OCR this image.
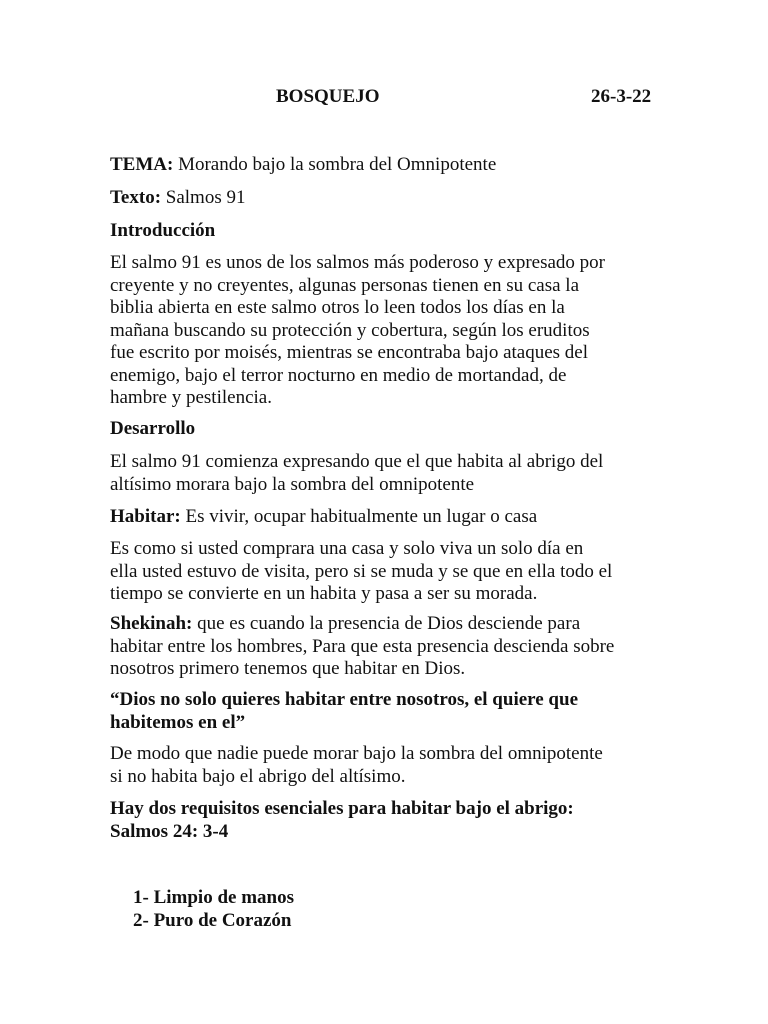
BOSQUEJO	26-3-22
TEMA: Morando bajo la sombra del Omnipotente
Texto: Salmos 91
Introducción
El salmo 91 es unos de los salmos más poderoso y expresado por
creyente y no creyentes, algunas personas tienen en su casa la
biblia abierta en este salmo otros lo leen todos los días en la
mañana buscando su protección y cobertura, según los eruditos
fue escrito por moisés, mientras se encontraba bajo ataques del
enemigo, bajo el terror nocturno en medio de mortandad, de
hambre y pestilencia.
Desarrollo
El salmo 91 comienza expresando que el que habita al abrigo del
altísimo morara bajo la sombra del omnipotente
Habitar: Es vivir, ocupar habitualmente un lugar o casa
Es como si usted comprara una casa y solo viva un solo día en
ella usted estuvo de visita, pero si se muda y se que en ella todo el
tiempo se convierte en un habita y pasa a ser su morada.
Shekinah: que es cuando la presencia de Dios desciende para
habitar entre los hombres, Para que esta presencia descienda sobre
nosotros primero tenemos que habitar en Dios.
“Dios no solo quieres habitar entre nosotros, el quiere que
habitemos en el”
De modo que nadie puede morar bajo la sombra del omnipotente
si no habita bajo el abrigo del altísimo.
Hay dos requisitos esenciales para habitar bajo el abrigo:
Salmos 24: 3-4
1- Limpio de manos
2- Puro de Corazón
